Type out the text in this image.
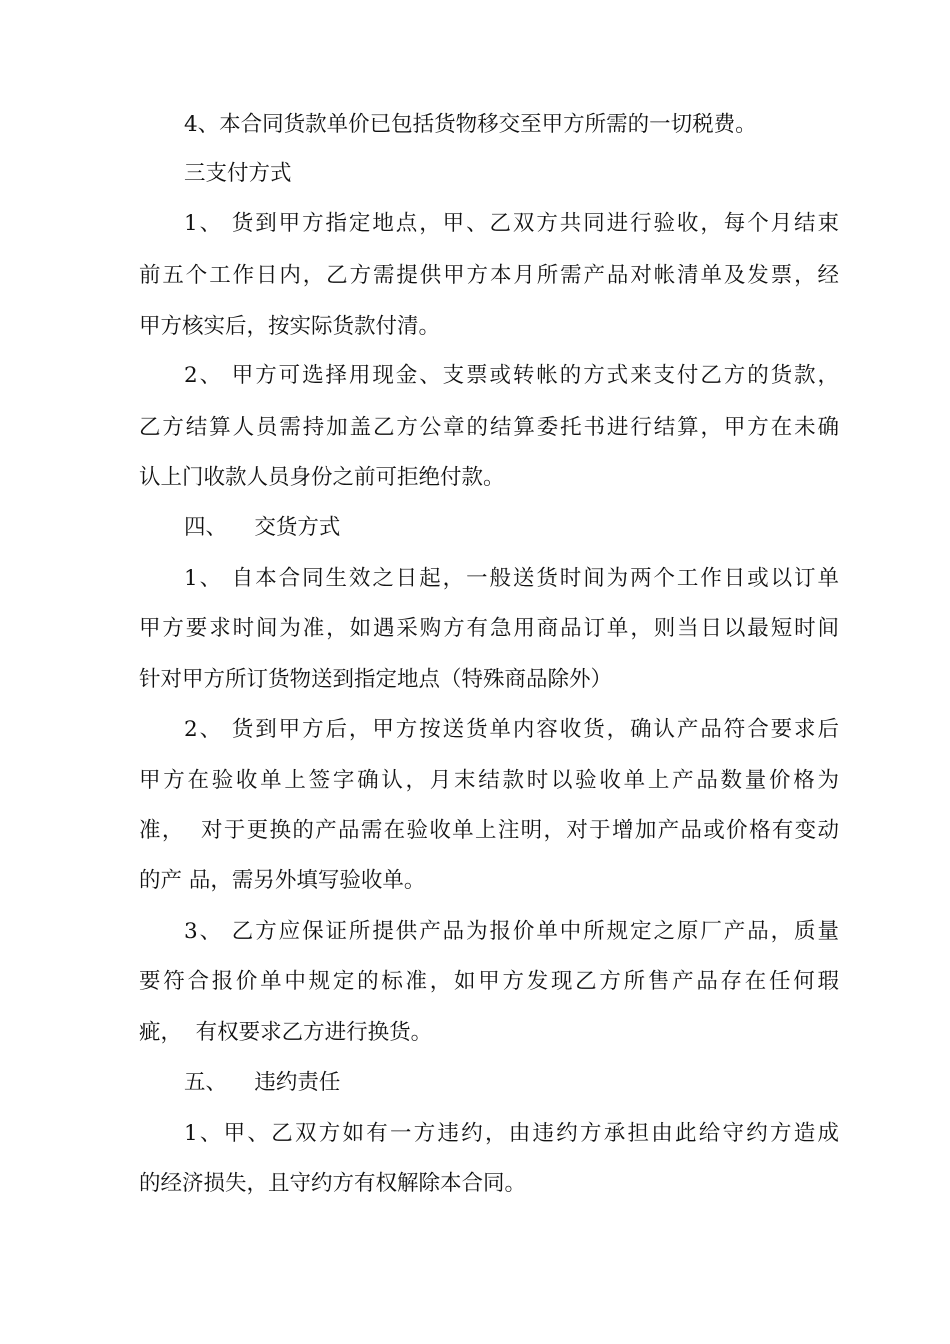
4、本合同货款单价已包括货物移交至甲方所需的一切税费。
三支付方式
1、 货到甲方指定地点，甲、乙双方共同进行验收，每个月结束
前五个工作日内，乙方需提供甲方本月所需产品对帐清单及发票，经
甲方核实后，按实际货款付清。
2、 甲方可选择用现金、支票或转帐的方式来支付乙方的货款，
乙方结算人员需持加盖乙方公章的结算委托书进行结算，甲方在未确
认上门收款人员身份之前可拒绝付款。
四、    交货方式
1、 自本合同生效之日起，一般送货时间为两个工作日或以订单
甲方要求时间为准，如遇采购方有急用商品订单，则当日以最短时间
针对甲方所订货物送到指定地点（特殊商品除外）
2、 货到甲方后，甲方按送货单内容收货，确认产品符合要求后
甲方在验收单上签字确认，月末结款时以验收单上产品数量价格为
准，  对于更换的产品需在验收单上注明，对于增加产品或价格有变动
的产 品，需另外填写验收单。
3、 乙方应保证所提供产品为报价单中所规定之原厂产品，质量
要符合报价单中规定的标准，如甲方发现乙方所售产品存在任何瑕
疵，  有权要求乙方进行换货。
五、    违约责任
1、甲、乙双方如有一方违约，由违约方承担由此给守约方造成
的经济损失，且守约方有权解除本合同。
